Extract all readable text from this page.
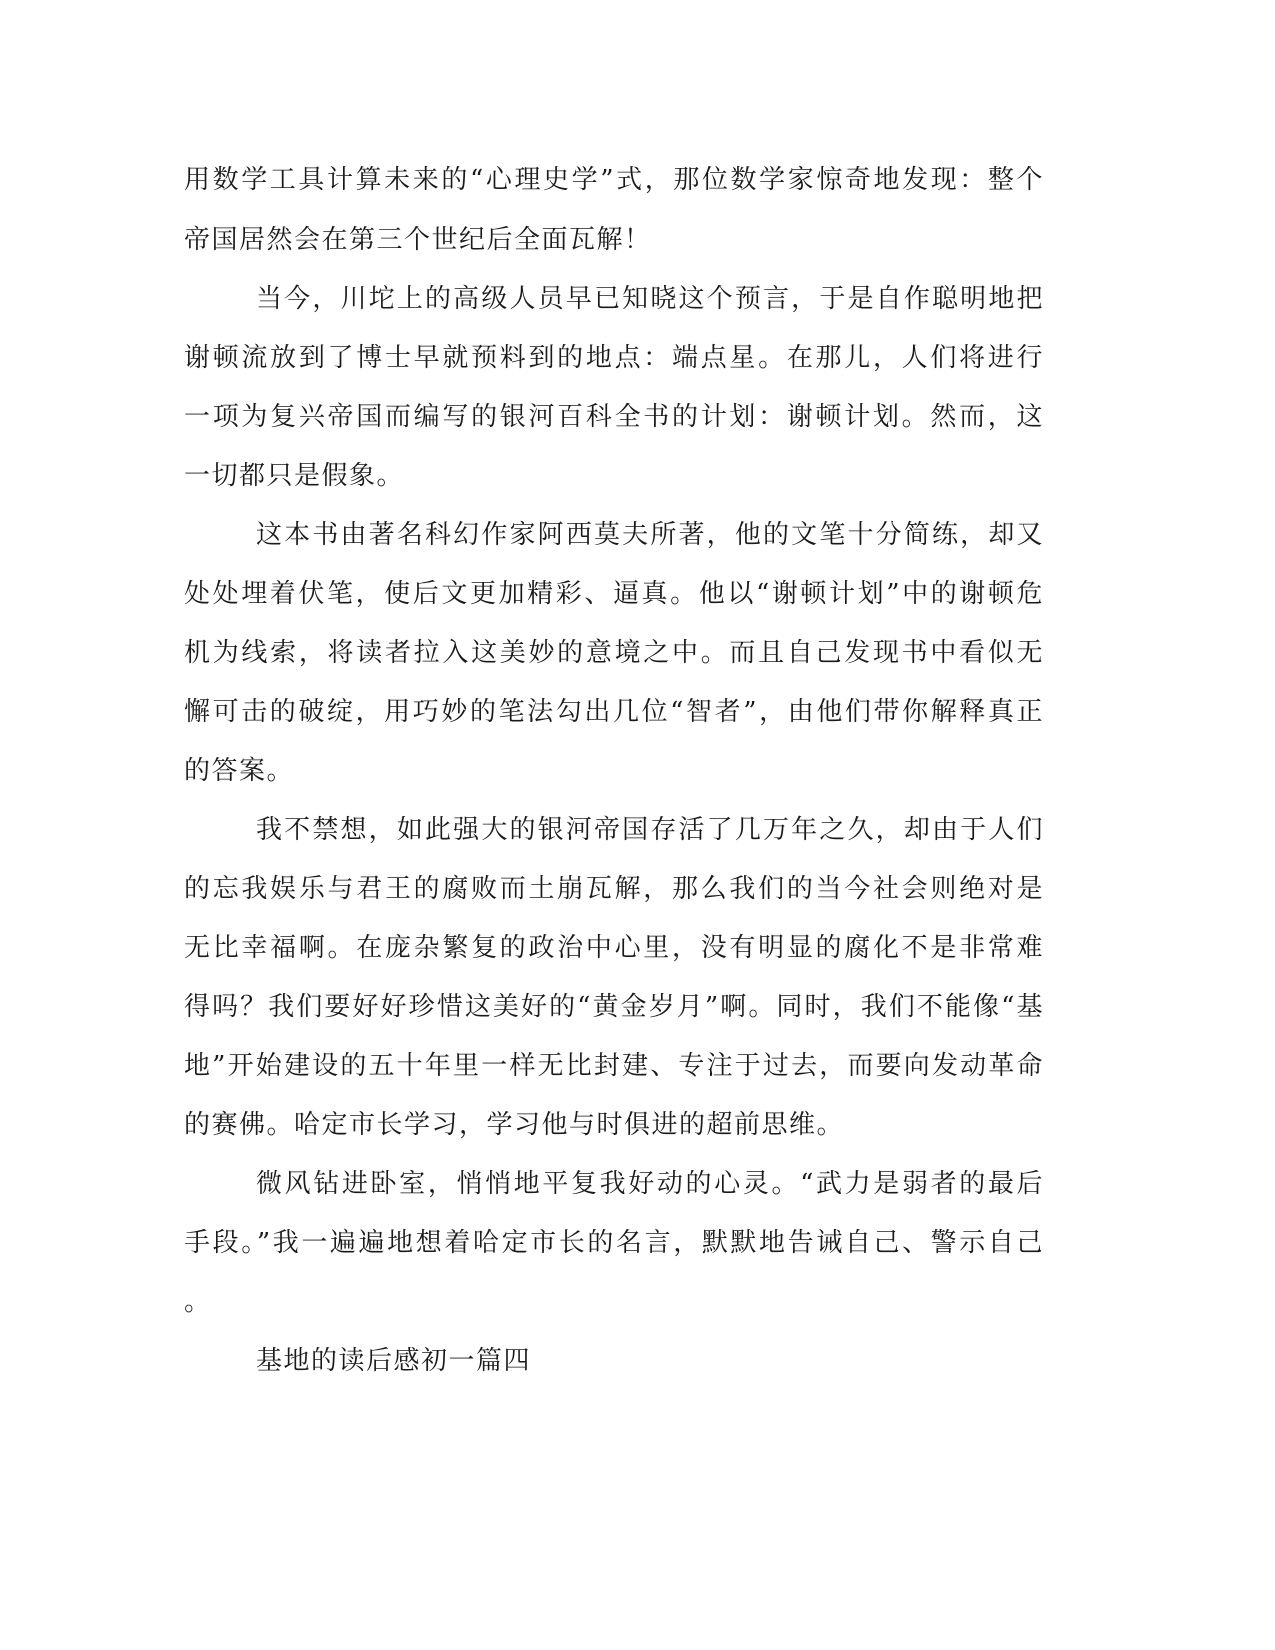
用数学工具计算未来的“心理史学”式，那位数学家惊奇地发现：整个
帝国居然会在第三个世纪后全面瓦解！
当今，川坨上的高级人员早已知晓这个预言，于是自作聪明地把
谢顿流放到了博士早就预料到的地点：端点星。在那儿，人们将进行
一项为复兴帝国而编写的银河百科全书的计划：谢顿计划。然而，这
一切都只是假象。
这本书由著名科幻作家阿西莫夫所著，他的文笔十分简练，却又
处处埋着伏笔，使后文更加精彩、逼真。他以“谢顿计划”中的谢顿危
机为线索，将读者拉入这美妙的意境之中。而且自己发现书中看似无
懈可击的破绽，用巧妙的笔法勾出几位“智者”，由他们带你解释真正
的答案。
我不禁想，如此强大的银河帝国存活了几万年之久，却由于人们
的忘我娱乐与君王的腐败而土崩瓦解，那么我们的当今社会则绝对是
无比幸福啊。在庞杂繁复的政治中心里，没有明显的腐化不是非常难
得吗？我们要好好珍惜这美好的“黄金岁月”啊。同时，我们不能像“基
地”开始建设的五十年里一样无比封建、专注于过去，而要向发动革命
的赛佛。哈定市长学习，学习他与时俱进的超前思维。
微风钻进卧室，悄悄地平复我好动的心灵。“武力是弱者的最后
手段。”我一遍遍地想着哈定市长的名言，默默地告诫自己、警示自己
。
基地的读后感初一篇四
